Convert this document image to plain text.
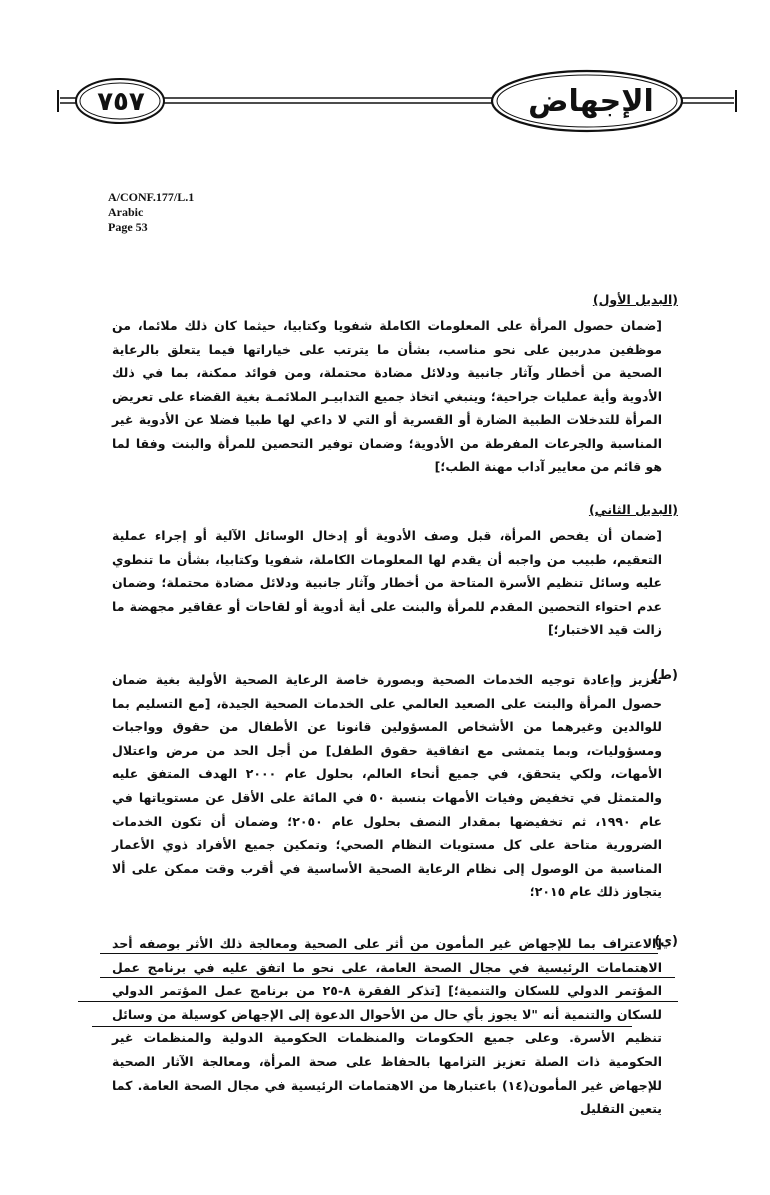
الإجهاض
٧٥٧
A/CONF.177/L.1
Arabic
Page 53
(البديل الأول)
[ضمان حصول المرأة على المعلومات الكاملة شفويا وكتابيا، حيثما كان ذلك ملائما، من موظفين مدربين على نحو مناسب، بشأن ما يترتب على خياراتها فيما يتعلق بالرعاية الصحية من أخطار وآثار جانبية ودلائل مضادة محتملة، ومن فوائد ممكنة، بما في ذلك الأدوية وأية عمليات جراحية؛ وينبغي اتخاذ جميع التدابيـر الملائمـة بغية القضاء على تعريض المرأة للتدخلات الطبية الضارة أو القسرية أو التي لا داعي لها طبيا فضلا عن الأدوية غير المناسبة والجرعات المفرطة من الأدوية؛ وضمان توفير التحصين للمرأة والبنت وفقا لما هو قائم من معايير آداب مهنة الطب؛]
(البديل الثاني)
[ضمان أن يفحص المرأة، قبل وصف الأدوية أو إدخال الوسائل الآلية أو إجراء عملية التعقيم، طبيب من واجبه أن يقدم لها المعلومات الكاملة، شفويا وكتابيا، بشأن ما تنطوي عليه وسائل تنظيم الأسرة المتاحة من أخطار وآثار جانبية ودلائل مضادة محتملة؛ وضمان عدم احتواء التحصين المقدم للمرأة والبنت على أية أدوية أو لقاحات أو عقاقير مجهضة ما زالت قيد الاختبار؛]
(ط)
تعزيز وإعادة توجيه الخدمات الصحية وبصورة خاصة الرعاية الصحية الأولية بغية ضمان حصول المرأة والبنت على الصعيد العالمي على الخدمات الصحية الجيدة، [مع التسليم بما للوالدين وغيرهما من الأشخاص المسؤولين قانونا عن الأطفال من حقوق وواجبات ومسؤوليات، وبما يتمشى مع اتفاقية حقوق الطفل] من أجل الحد من مرض واعتلال الأمهات، ولكي يتحقق، في جميع أنحاء العالم، بحلول عام ٢٠٠٠ الهدف المتفق عليه والمتمثل في تخفيض وفيات الأمهات بنسبة ٥٠ في المائة على الأقل عن مستوياتها في عام ١٩٩٠، ثم تخفيضها بمقدار النصف بحلول عام ٢٠٥٠؛ وضمان أن تكون الخدمات الضرورية متاحة على كل مستويات النظام الصحي؛ وتمكين جميع الأفراد ذوي الأعمار المناسبة من الوصول إلى نظام الرعاية الصحية الأساسية في أقرب وقت ممكن على ألا يتجاوز ذلك عام ٢٠١٥؛
(ي)
[الاعتراف بما للإجهاض غير المأمون من أثر على الصحية ومعالجة ذلك الأثر بوصفه أحد الاهتمامات الرئيسية في مجال الصحة العامة، على نحو ما اتفق عليه في برنامج عمل المؤتمر الدولي للسكان والتنمية؛] [تذكر الفقرة ٨-٢٥ من برنامج عمل المؤتمر الدولي للسكان والتنمية أنه "لا يجوز بأي حال من الأحوال الدعوة إلى الإجهاض كوسيلة من وسائل تنظيم الأسرة. وعلى جميع الحكومات والمنظمات الحكومية الدولية والمنظمات غير الحكومية ذات الصلة تعزيز التزامها بالحفاظ على صحة المرأة، ومعالجة الآثار الصحية للإجهاض غير المأمون(١٤) باعتبارها من الاهتمامات الرئيسية في مجال الصحة العامة. كما يتعين التقليل
